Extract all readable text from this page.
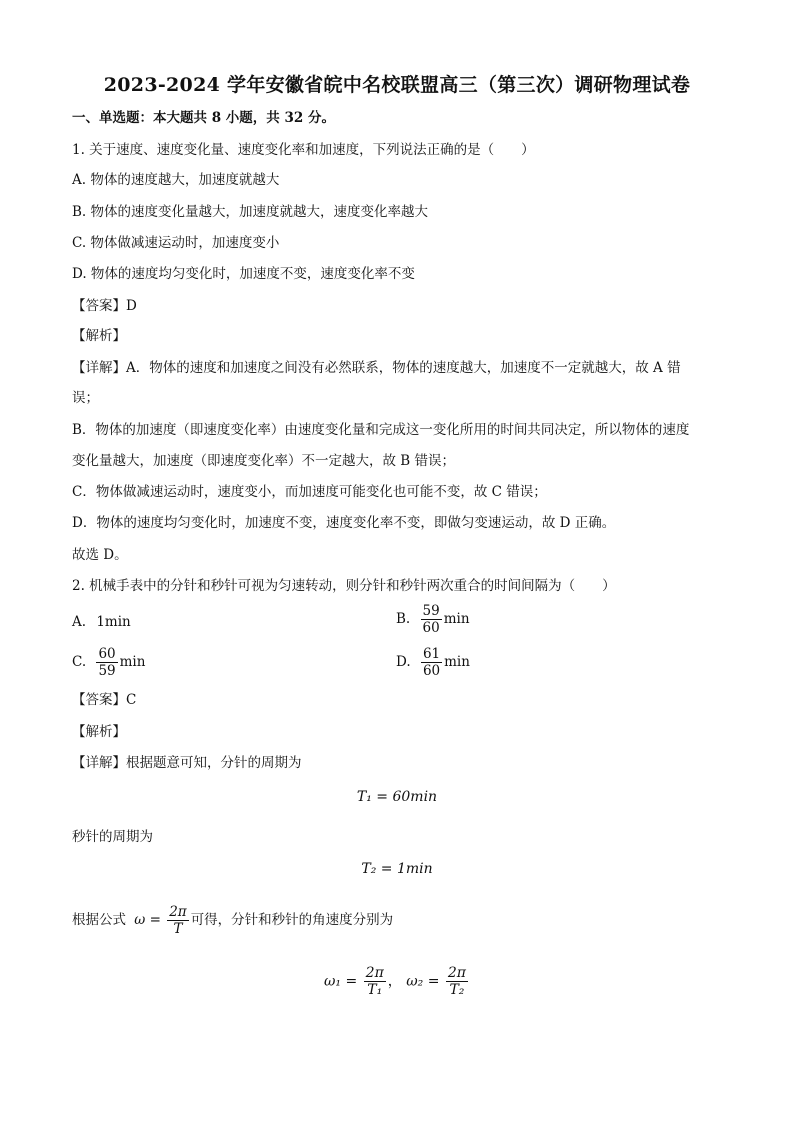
2023-2024 学年安徽省皖中名校联盟高三（第三次）调研物理试卷
一、单选题：本大题共 8 小题，共 32 分。
1. 关于速度、速度变化量、速度变化率和加速度，下列说法正确的是（　　）
A. 物体的速度越大，加速度就越大
B. 物体的速度变化量越大，加速度就越大，速度变化率越大
C. 物体做减速运动时，加速度变小
D. 物体的速度均匀变化时，加速度不变，速度变化率不变
【答案】D
【解析】
【详解】A．物体的速度和加速度之间没有必然联系，物体的速度越大，加速度不一定就越大，故 A 错
误；
B．物体的加速度（即速度变化率）由速度变化量和完成这一变化所用的时间共同决定，所以物体的速度
变化量越大，加速度（即速度变化率）不一定越大，故 B 错误；
C．物体做减速运动时，速度变小，而加速度可能变化也可能不变，故 C 错误；
D．物体的速度均匀变化时，加速度不变，速度变化率不变，即做匀变速运动，故 D 正确。
故选 D。
2. 机械手表中的分针和秒针可视为匀速转动，则分针和秒针两次重合的时间间隔为（　　）
A. 1min	B. $\frac{59}{60}$ min
C. $\frac{60}{59}$ min	D. $\frac{61}{60}$ min
【答案】C
【解析】
【详解】根据题意可知，分针的周期为
T₁ = 60min
秒针的周期为
T₂ = 1min
根据公式 $\omega = \frac{2\pi}{T}$ 可得，分针和秒针的角速度分别为
$\omega_1 = \frac{2\pi}{\text{T₁}}$ ， $\omega_2 = \frac{2\pi}{\text{T₂}}$
